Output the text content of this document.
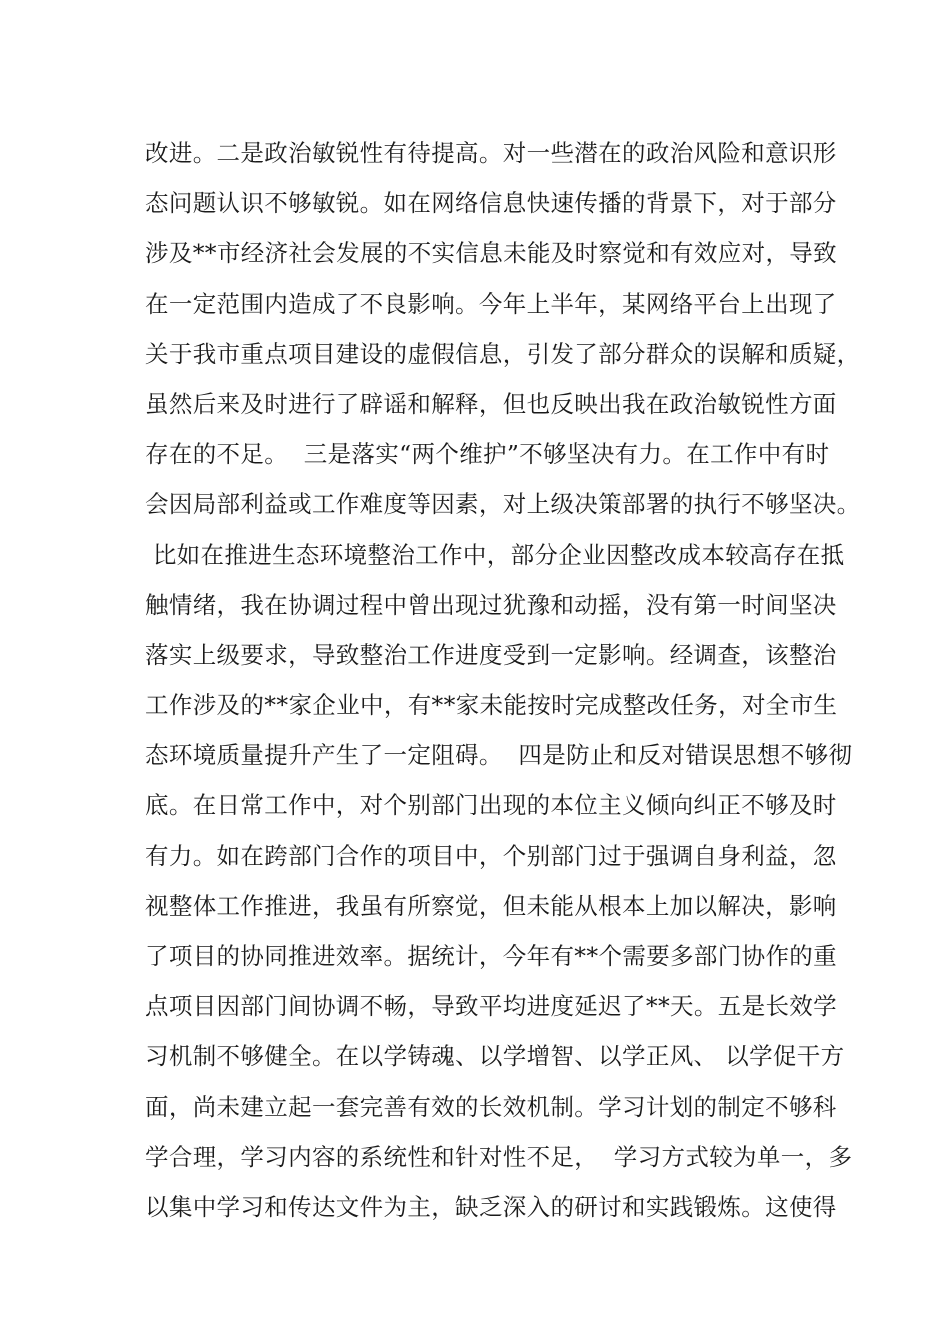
改进。二是政治敏锐性有待提高。对一些潜在的政治风险和意识形
态问题认识不够敏锐。如在网络信息快速传播的背景下，对于部分
涉及**市经济社会发展的不实信息未能及时察觉和有效应对，导致
在一定范围内造成了不良影响。今年上半年，某网络平台上出现了
关于我市重点项目建设的虚假信息，引发了部分群众的误解和质疑，
虽然后来及时进行了辟谣和解释，但也反映出我在政治敏锐性方面
存在的不足。  三是落实“两个维护”不够坚决有力。在工作中有时
会因局部利益或工作难度等因素，对上级决策部署的执行不够坚决。
比如在推进生态环境整治工作中，部分企业因整改成本较高存在抵
触情绪，我在协调过程中曾出现过犹豫和动摇，没有第一时间坚决
落实上级要求，导致整治工作进度受到一定影响。经调查，该整治
工作涉及的**家企业中，有**家未能按时完成整改任务，对全市生
态环境质量提升产生了一定阻碍。  四是防止和反对错误思想不够彻
底。在日常工作中，对个别部门出现的本位主义倾向纠正不够及时
有力。如在跨部门合作的项目中，个别部门过于强调自身利益，忽
视整体工作推进，我虽有所察觉，但未能从根本上加以解决，影响
了项目的协同推进效率。据统计，今年有**个需要多部门协作的重
点项目因部门间协调不畅，导致平均进度延迟了**天。五是长效学
习机制不够健全。在以学铸魂、以学增智、以学正风、 以学促干方
面，尚未建立起一套完善有效的长效机制。学习计划的制定不够科
学合理，学习内容的系统性和针对性不足，  学习方式较为单一，多
以集中学习和传达文件为主，缺乏深入的研讨和实践锻炼。这使得
